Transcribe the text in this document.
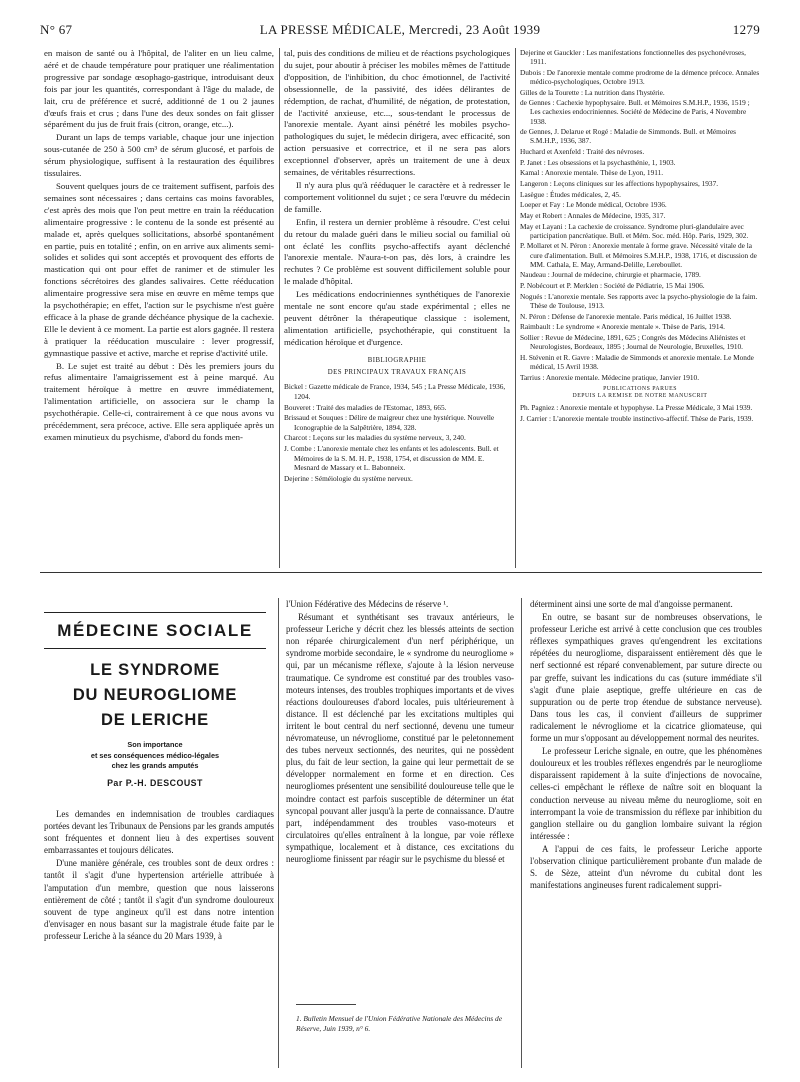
N° 67	LA PRESSE MÉDICALE, Mercredi, 23 Août 1939	1279

en maison de santé ou à l'hôpital, de l'aliter en un lieu calme, aéré et de chaude température pour pratiquer une réalimentation progressive par sondage œsophago-gastrique, introduisant deux fois par jour les quantités, correspondant à l'âge du malade, de lait, cru de préférence et sucré, additionné de 1 ou 2 jaunes d'œufs frais et crus ; dans l'une des deux sondes on fait glisser séparément du jus de fruit frais (citron, orange, etc...).

Durant un laps de temps variable, chaque jour une injection sous-cutanée de 250 à 500 cm³ de sérum glucosé, et parfois de sérum physiologique, suffisent à la restauration des équilibres tissulaires.

Souvent quelques jours de ce traitement suffisent, parfois des semaines sont nécessaires ; dans certains cas moins favorables, c'est après des mois que l'on peut mettre en train la rééducation alimentaire progressive : le contenu de la sonde est présenté au malade et, après quelques sollicitations, absorbé spontanément en partie, puis en totalité ; enfin, on en arrive aux aliments semi-solides et solides qui sont acceptés et provoquent des efforts de mastication qui ont pour effet de ranimer et de stimuler les fonctions sécrétoires des glandes salivaires. Cette rééducation alimentaire progressive sera mise en œuvre en même temps que la psychothérapie; en effet, l'action sur le psychisme n'est guère efficace à la phase de grande déchéance physique de la cachexie. Elle le devient à ce moment. La partie est alors gagnée. Il restera à pratiquer la rééducation musculaire : lever progressif, gymnastique passive et active, marche et reprise d'activité utile.

B. Le sujet est traité au début : Dès les premiers jours du refus alimentaire l'amaigrissement est à peine marqué. Au traitement héroïque à mettre en œuvre immédiatement, l'alimentation artificielle, on associera sur le champ la psychothérapie. Celle-ci, contrairement à ce que nous avons vu précédemment, sera précoce, active. Elle sera appliquée après un examen minutieux du psychisme, d'abord du fonds men-

tal, puis des conditions de milieu et de réactions psychologiques du sujet, pour aboutir à préciser les mobiles mêmes de l'attitude d'opposition, de l'inhibition, du choc émotionnel, de l'activité obsessionnelle, de la passivité, des idées délirantes de rédemption, de rachat, d'humilité, de négation, de protestation, de l'activité anxieuse, etc..., sous-tendant le processus de l'anorexie mentale. Ayant ainsi pénétré les mobiles psycho-pathologiques du sujet, le médecin dirigera, avec efficacité, son action persuasive et correctrice, et il ne sera pas alors exceptionnel d'observer, après un traitement de une à deux semaines, de véritables résurrections.

Il n'y aura plus qu'à rééduquer le caractère et à redresser le comportement volitionnel du sujet ; ce sera l'œuvre du médecin de famille.

Enfin, il restera un dernier problème à résoudre. C'est celui du retour du malade guéri dans le milieu social ou familial où ont éclaté les conflits psycho-affectifs ayant déclenché l'anorexie mentale. N'aura-t-on pas, dès lors, à craindre les rechutes ? Ce problème est souvent difficilement soluble pour le malade d'hôpital.

Les médications endocriniennes synthétiques de l'anorexie mentale ne sont encore qu'au stade expérimental ; elles ne peuvent détrôner la thérapeutique classique : isolement, alimentation artificielle, psychothérapie, qui constituent la médication héroïque et d'urgence.

BIBLIOGRAPHIE
DES PRINCIPAUX TRAVAUX FRANÇAIS

Bickel : Gazette médicale de France, 1934, 545 ; La Presse Médicale, 1936, 1204.

Bouveret : Traité des maladies de l'Estomac, 1893, 665.

Brissaud et Souques : Délire de maigreur chez une hystérique. Nouvelle Iconographie de la Salpêtrière, 1894, 328.

Charcot : Leçons sur les maladies du système nerveux, 3, 240.

J. Combe : L'anorexie mentale chez les enfants et les adolescents. Bull. et Mémoires de la S. M. H. P., 1938, 1754, et discussion de MM. E. Mesnard de Massary et L. Babonneix.

Dejerine : Séméiologie du système nerveux.

Dejerine et Gauckler : Les manifestations fonctionnelles des psychonévroses, 1911.

Dubois : De l'anorexie mentale comme prodrome de la démence précoce. Annales médico-psychologiques, Octobre 1913.

Gilles de la Tourette : La nutrition dans l'hystérie.

de Gennes : Cachexie hypophysaire. Bull. et Mémoires S.M.H.P., 1936, 1519 ; Les cachexies endocriniennes. Société de Médecine de Paris, 4 Novembre 1938.

de Gennes, J. Delarue et Rogé : Maladie de Simmonds. Bull. et Mémoires S.M.H.P., 1936, 387.

Huchard et Axenfeld : Traité des névroses.

P. Janet : Les obsessions et la psychasthénie, 1, 1903.

Kamal : Anorexie mentale. Thèse de Lyon, 1911.

Langeron : Leçons cliniques sur les affections hypophysaires, 1937.

Lasègue : Études médicales, 2, 45.

Loeper et Fay : Le Monde médical, Octobre 1936.

May et Robert : Annales de Médecine, 1935, 317.

May et Layani : La cachexie de croissance. Syndrome pluri-glandulaire avec participation pancréatique. Bull. et Mém. Soc. méd. Hôp. Paris, 1929, 302.

P. Mollaret et N. Péron : Anorexie mentale à forme grave. Nécessité vitale de la cure d'alimentation. Bull. et Mémoires S.M.H.P., 1938, 1716, et discussion de MM. Cathala, E. May, Armand-Delille, Lereboullet.

Naudeau : Journal de médecine, chirurgie et pharmacie, 1789.

P. Nobécourt et P. Merklen : Société de Pédiatrie, 15 Mai 1906.

Nogués : L'anorexie mentale. Ses rapports avec la psycho-physiologie de la faim. Thèse de Toulouse, 1913.

N. Péron : Défense de l'anorexie mentale. Paris médical, 16 Juillet 1938.

Raimbault : Le syndrome « Anorexie mentale ». Thèse de Paris, 1914.

Sollier : Revue de Médecine, 1891, 625 ; Congrès des Médecins Aliénistes et Neurologistes, Bordeaux, 1895 ; Journal de Neurologie, Bruxelles, 1910.

H. Stévenin et R. Gavre : Maladie de Simmonds et anorexie mentale. Le Monde médical, 15 Avril 1938.

Tarrius : Anorexie mentale. Médecine pratique, Janvier 1910.

PUBLICATIONS PARUES
DEPUIS LA REMISE DE NOTRE MANUSCRIT

Ph. Pagniez : Anorexie mentale et hypophyse. La Presse Médicale, 3 Mai 1939.

J. Carrier : L'anorexie mentale trouble instinctivo-affectif. Thèse de Paris, 1939.

MÉDECINE SOCIALE
LE SYNDROME
DU NEUROGLIOME
DE LERICHE
Son importance
et ses conséquences médico-légales
chez les grands amputés
Par P.-H. DESCOUST

Les demandes en indemnisation de troubles cardiaques portées devant les Tribunaux de Pensions par les grands amputés sont fréquentes et donnent lieu à des expertises souvent embarrassantes et toujours délicates.

D'une manière générale, ces troubles sont de deux ordres : tantôt il s'agit d'une hypertension artérielle attribuée à l'amputation d'un membre, question que nous laisserons entièrement de côté ; tantôt il s'agit d'un syndrome douloureux souvent de type angineux qu'il est dans notre intention d'envisager en nous basant sur la magistrale étude faite par le professeur Leriche à la séance du 20 Mars 1939, à

l'Union Fédérative des Médecins de réserve ¹.

Résumant et synthétisant ses travaux antérieurs, le professeur Leriche y décrit chez les blessés atteints de section non réparée chirurgicalement d'un nerf périphérique, un syndrome morbide secondaire, le « syndrome du neurogliome » qui, par un mécanisme réflexe, s'ajoute à la lésion nerveuse traumatique. Ce syndrome est constitué par des troubles vaso-moteurs intenses, des troubles trophiques importants et de vives réactions douloureuses d'abord locales, puis ultérieurement à distance. Il est déclenché par les excitations multiples qui irritent le bout central du nerf sectionné, devenu une tumeur névromateuse, un névrogliome, constitué par le peletonnement des tubes nerveux sectionnés, des neurites, qui ne possèdent plus, du fait de leur section, la gaine qui leur permettait de se développer normalement en forme et en direction. Ces neurogliomes présentent une sensibilité douloureuse telle que le moindre contact est parfois susceptible de déterminer un état syncopal pouvant aller jusqu'à la perte de connaissance. D'autre part, indépendamment des troubles vaso-moteurs et circulatoires qu'elles entraînent à la longue, par voie réflexe sympathique, localement et à distance, ces excitations du neurogliome finissent par réagir sur le psychisme du blessé et

1. Bulletin Mensuel de l'Union Fédérative Nationale des Médecins de Réserve, Juin 1939, n° 6.

déterminent ainsi une sorte de mal d'angoisse permanent.

En outre, se basant sur de nombreuses observations, le professeur Leriche est arrivé à cette conclusion que ces troubles réflexes sympathiques graves qu'engendrent les excitations répétées du neurogliome, disparaissent entièrement dès que le nerf sectionné est réparé convenablement, par suture directe ou par greffe, suivant les indications du cas (suture immédiate s'il s'agit d'une plaie aseptique, greffe ultérieure en cas de suppuration ou de perte trop étendue de substance nerveuse). Dans tous les cas, il convient d'ailleurs de supprimer radicalement le névrogliome et la cicatrice gliomateuse, qui forme un mur s'opposant au développement normal des neurites.

Le professeur Leriche signale, en outre, que les phénomènes douloureux et les troubles réflexes engendrés par le neurogliome disparaissent rapidement à la suite d'injections de novocaïne, celles-ci empêchant le réflexe de naître soit en bloquant la conduction nerveuse au niveau même du neurogliome, soit en interrompant la voie de transmission du réflexe par inhibition du ganglion stellaire ou du ganglion lombaire suivant la région intéressée :

A l'appui de ces faits, le professeur Leriche apporte l'observation clinique particulièrement probante d'un malade de S. de Sèze, atteint d'un névrome du cubital dont les manifestations angineuses furent radicalement suppri-
